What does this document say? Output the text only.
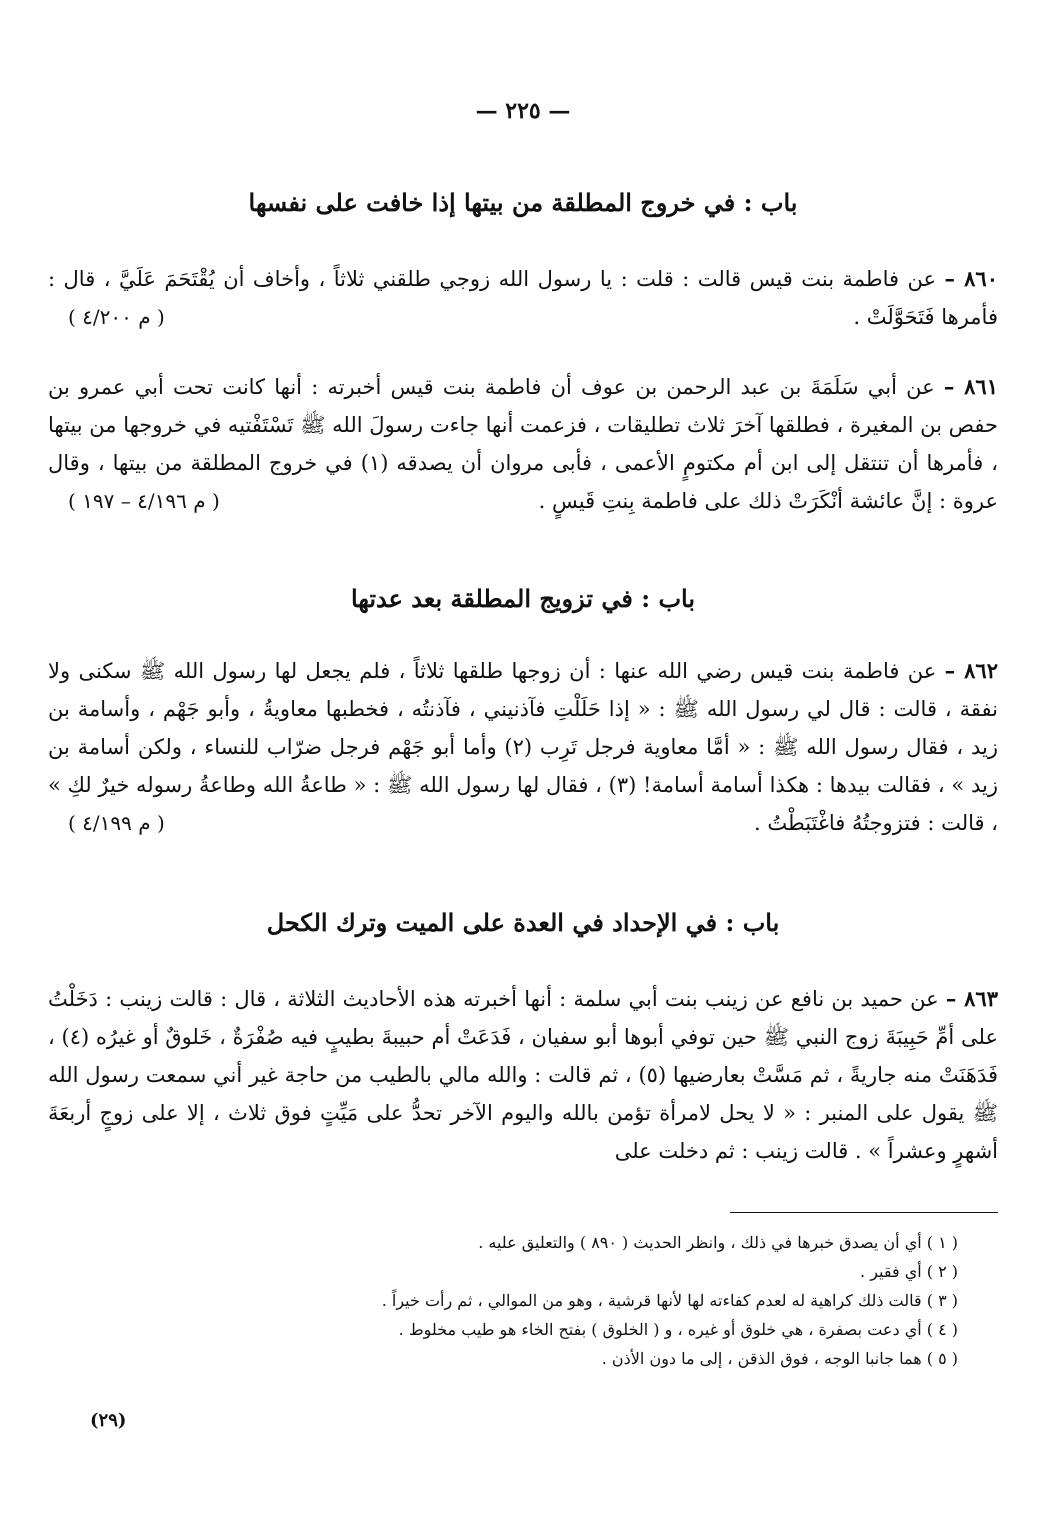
— ٢٢٥ —
باب : في خروج المطلقة من بيتها إذا خافت على نفسها
٨٦٠ – عن فاطمة بنت قيس قالت : قلت : يا رسول الله زوجي طلقني ثلاثاً ، وأخاف أن يُقْتَحَمَ عَلَيَّ ، قال : فأمرها فَتَحَوَّلَتْ .
( م ٤/٢٠٠ )
٨٦١ – عن أبي سَلَمَةَ بن عبد الرحمن بن عوف أن فاطمة بنت قيس أخبرته : أنها كانت تحت أبي عمرو بن حفص بن المغيرة ، فطلقها آخرَ ثلاث تطليقات ، فزعمت أنها جاءت رسولَ الله ﷺ تَسْتَفْتيه في خروجها من بيتها ، فأمرها أن تنتقل إلى ابن أم مكتومٍ الأعمى ، فأبى مروان أن يصدقه (١) في خروج المطلقة من بيتها ، وقال عروة : إنَّ عائشة أنْكَرَتْ ذلك على فاطمة بِنتِ قَيسٍ .
( م ٤/١٩٦ – ١٩٧ )
باب : في تزويج المطلقة بعد عدتها
٨٦٢ – عن فاطمة بنت قيس رضي الله عنها : أن زوجها طلقها ثلاثاً ، فلم يجعل لها رسول الله ﷺ سكنى ولا نفقة ، قالت : قال لي رسول الله ﷺ : « إذا حَلَلْتِ فآذنيني ، فآذنتُه ، فخطبها معاويةُ ، وأبو جَهْم ، وأسامة بن زيد ، فقال رسول الله ﷺ : « أمَّا معاوية فرجل تَرِب (٢) وأما أبو جَهْم فرجل ضرّاب للنساء ، ولكن أسامة بن زيد » ، فقالت بيدها : هكذا أسامة أسامة! (٣) ، فقال لها رسول الله ﷺ : « طاعةُ الله وطاعةُ رسوله خيرٌ لكِ » ، قالت : فتزوجتُهُ فاغْتَبَطْتُ .
( م ٤/١٩٩ )
باب : في الإحداد في العدة على الميت وترك الكحل
٨٦٣ – عن حميد بن نافع عن زينب بنت أبي سلمة : أنها أخبرته هذه الأحاديث الثلاثة ، قال : قالت زينب : دَخَلْتُ على أمِّ حَبِيبَةَ زوج النبي ﷺ حين توفي أبوها أبو سفيان ، فَدَعَتْ أم حبيبةَ بطيبٍ فيه صُفْرَةٌ ، خَلوقٌ أو غيرُه (٤) ، فَدَهَنَتْ منه جاريةً ، ثم مَسَّتْ بعارضيها (٥) ، ثم قالت : والله مالي بالطيب من حاجة غير أني سمعت رسول الله ﷺ يقول على المنبر : « لا يحل لامرأة تؤمن بالله واليوم الآخر تحدُّ على مَيِّتٍ فوق ثلاث ، إلا على زوجٍ أربعَةَ أشهرٍ وعشراً » . قالت زينب : ثم دخلت على
( ١ ) أي أن يصدق خبرها في ذلك ، وانظر الحديث ( ٨٩٠ ) والتعليق عليه .
( ٢ ) أي فقير .
( ٣ ) قالت ذلك كراهية له لعدم كفاءته لها لأنها قرشية ، وهو من الموالي ، ثم رأت خيراً .
( ٤ ) أي دعت بصفرة ، هي خلوق أو غيره ، و ( الخلوق ) بفتح الخاء هو طيب مخلوط .
( ٥ ) هما جانبا الوجه ، فوق الذقن ، إلى ما دون الأذن .
(٢٩)
